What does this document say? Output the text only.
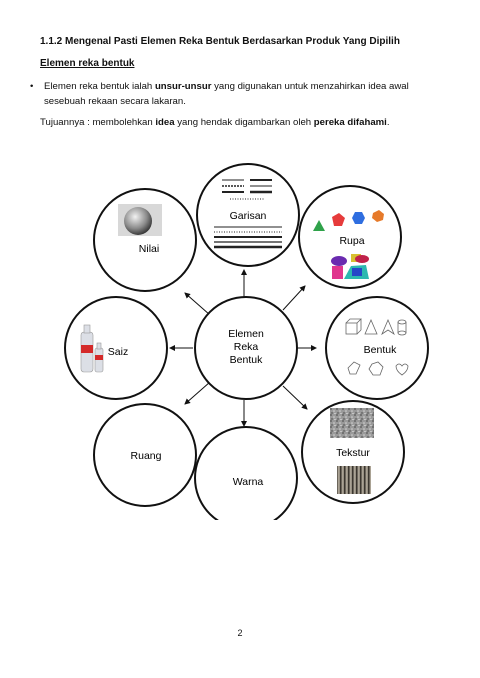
1.1.2 Mengenal Pasti Elemen Reka Bentuk Berdasarkan Produk Yang Dipilih
Elemen reka bentuk
• Elemen reka bentuk ialah unsur-unsur yang digunakan untuk menzahirkan idea awal
sesebuah rekaan secara lakaran.
Tujuannya : membolehkan idea yang hendak digambarkan oleh pereka difahami.
Elemen
Reka
Bentuk
Garisan
Rupa
Nilai
Saiz	Bentuk
Ruang	Tekstur
Warna
2
